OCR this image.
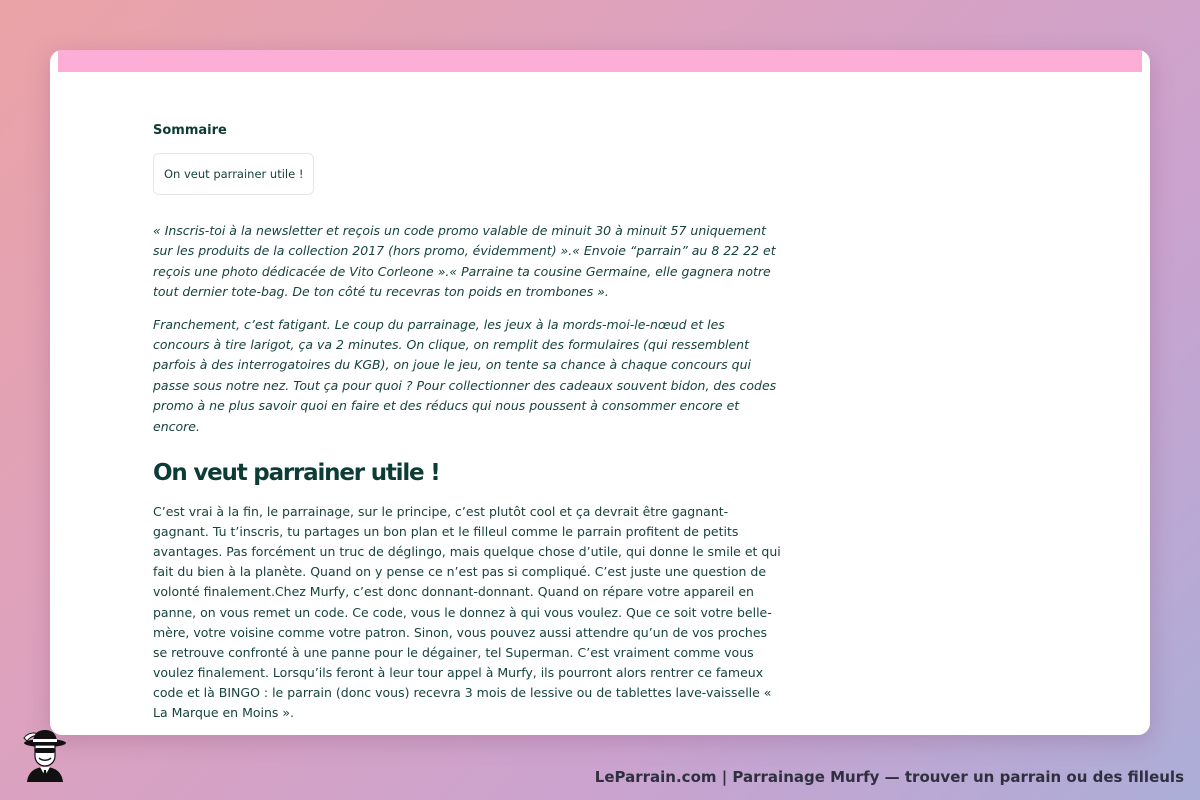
Sommaire
On veut parrainer utile !

« Inscris-toi à la newsletter et reçois un code promo valable de minuit 30 à minuit 57 uniquement sur les produits de la collection 2017 (hors promo, évidemment) ».« Envoie “parrain” au 8 22 22 et reçois une photo dédicacée de Vito Corleone ».« Parraine ta cousine Germaine, elle gagnera notre tout dernier tote-bag. De ton côté tu recevras ton poids en trombones ».

Franchement, c’est fatigant. Le coup du parrainage, les jeux à la mords-moi-le-nœud et les concours à tire larigot, ça va 2 minutes. On clique, on remplit des formulaires (qui ressemblent parfois à des interrogatoires du KGB), on joue le jeu, on tente sa chance à chaque concours qui passe sous notre nez. Tout ça pour quoi ? Pour collectionner des cadeaux souvent bidon, des codes promo à ne plus savoir quoi en faire et des réducs qui nous poussent à consommer encore et encore.

On veut parrainer utile !

C’est vrai à la fin, le parrainage, sur le principe, c’est plutôt cool et ça devrait être gagnant-gagnant. Tu t’inscris, tu partages un bon plan et le filleul comme le parrain profitent de petits avantages. Pas forcément un truc de déglingo, mais quelque chose d’utile, qui donne le smile et qui fait du bien à la planète. Quand on y pense ce n’est pas si compliqué. C’est juste une question de volonté finalement.Chez Murfy, c’est donc donnant-donnant. Quand on répare votre appareil en panne, on vous remet un code. Ce code, vous le donnez à qui vous voulez. Que ce soit votre belle-mère, votre voisine comme votre patron. Sinon, vous pouvez aussi attendre qu’un de vos proches se retrouve confronté à une panne pour le dégainer, tel Superman. C’est vraiment comme vous voulez finalement. Lorsqu’ils feront à leur tour appel à Murfy, ils pourront alors rentrer ce fameux code et là BINGO : le parrain (donc vous) recevra 3 mois de lessive ou de tablettes lave-vaisselle « La Marque en Moins ».

LeParrain.com | Parrainage Murfy — trouver un parrain ou des filleuls
